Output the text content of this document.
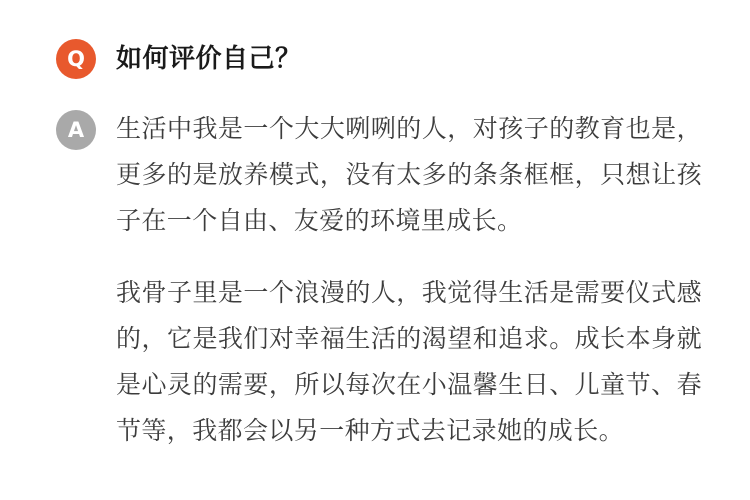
Q	如何评价自己？
A	生活中我是一个大大咧咧的人，对孩子的教育也是，更多的是放养模式，没有太多的条条框框，只想让孩子在一个自由、友爱的环境里成长。

我骨子里是一个浪漫的人，我觉得生活是需要仪式感的，它是我们对幸福生活的渴望和追求。成长本身就是心灵的需要，所以每次在小温馨生日、儿童节、春节等，我都会以另一种方式去记录她的成长。
